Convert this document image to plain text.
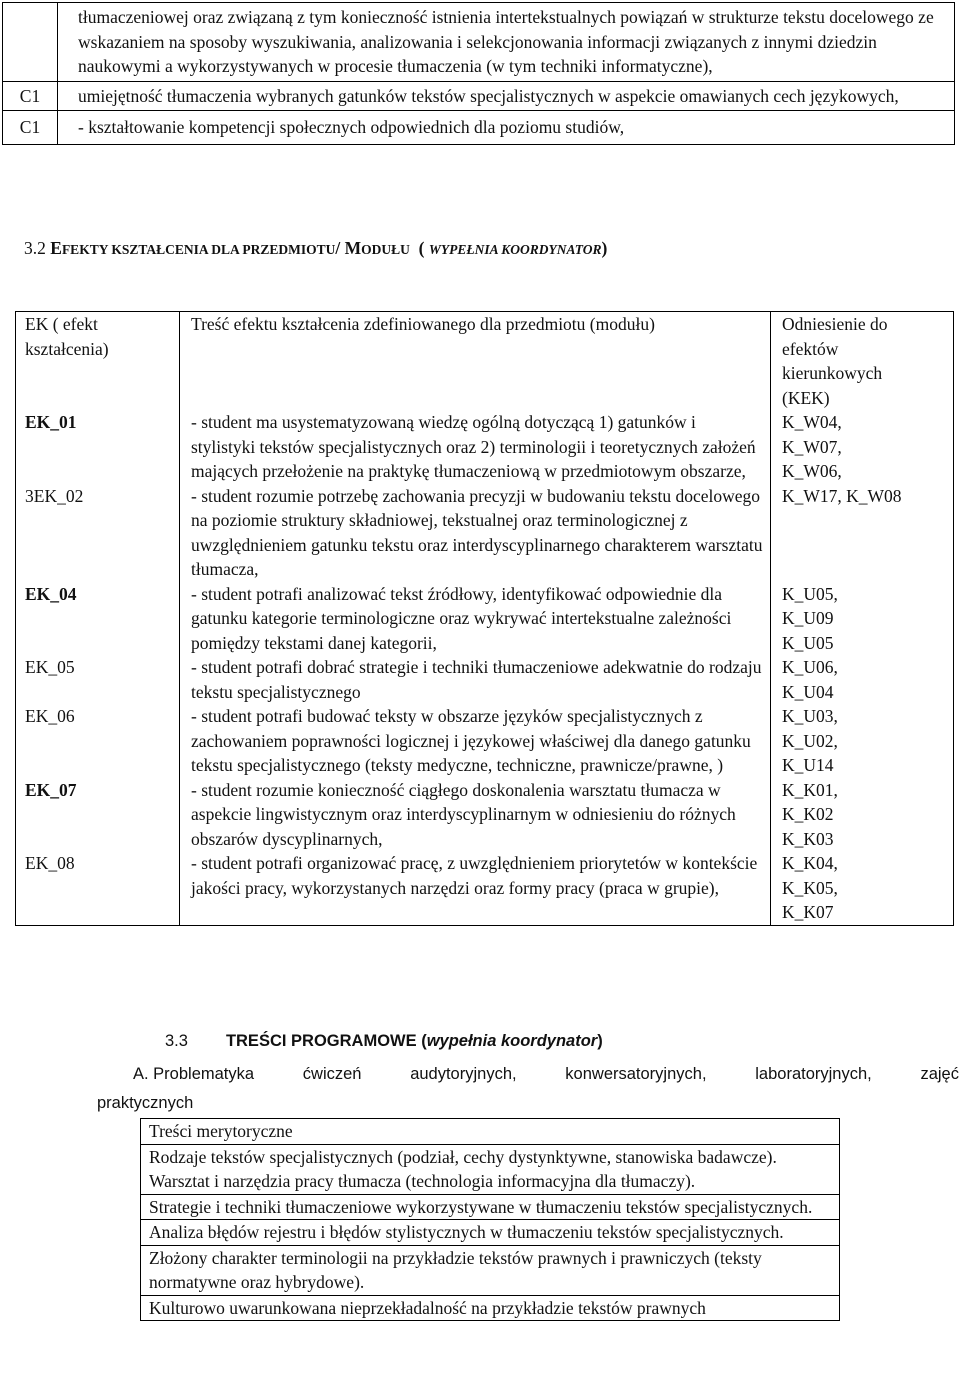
	tłumaczeniowej oraz związaną z tym konieczność istnienia intertekstualnych powiązań w strukturze tekstu docelowego ze wskazaniem na sposoby wyszukiwania, analizowania i selekcjonowania informacji związanych z innymi dziedzin naukowymi a wykorzystywanych w procesie tłumaczenia (w tym techniki informatyczne),
C1	umiejętność tłumaczenia wybranych gatunków tekstów specjalistycznych w aspekcie omawianych cech językowych,
C1	- kształtowanie kompetencji społecznych odpowiednich dla poziomu studiów,
3.2 EFEKTY KSZTAŁCENIA DLA PRZEDMIOTU/ MODUŁU ( WYPEŁNIA KOORDYNATOR)
EK ( efekt kształcenia)	Treść efektu kształcenia zdefiniowanego dla przedmiotu (modułu)	Odniesienie do efektów kierunkowych (KEK)

EK_01	- student ma usystematyzowaną wiedzę ogólną dotyczącą 1) gatunków i stylistyki tekstów specjalistycznych oraz 2) terminologii i teoretycznych założeń mających przełożenie na praktykę tłumaczeniową w przedmiotowym obszarze,	K_W04, K_W07, K_W06,

3EK_02	- student rozumie potrzebę zachowania precyzji w budowaniu tekstu docelowego na poziomie struktury składniowej, tekstualnej oraz terminologicznej z uwzględnieniem gatunku tekstu oraz interdyscyplinarnego charakterem warsztatu tłumacza,	K_W17, K_W08
EK_04	- student potrafi analizować tekst źródłowy, identyfikować odpowiednie dla gatunku kategorie terminologiczne oraz wykrywać intertekstualne zależności pomiędzy tekstami danej kategorii,	K_U05, K_U09 K_U05

EK_05	- student potrafi dobrać strategie i techniki tłumaczeniowe adekwatnie do rodzaju tekstu specjalistycznego	K_U06, K_U04

EK_06	- student potrafi budować teksty w obszarze języków specjalistycznych z zachowaniem poprawności logicznej i językowej właściwej dla danego gatunku tekstu specjalistycznego (teksty medyczne, techniczne, prawnicze/prawne, )	K_U03, K_U02, K_U14

EK_07	- student rozumie konieczność ciągłego doskonalenia warsztatu tłumacza w aspekcie lingwistycznym oraz interdyscyplinarnym w odniesieniu do różnych obszarów dyscyplinarnych,	K_K01, K_K02 K_K03

EK_08	- student potrafi organizować pracę, z uwzględnieniem priorytetów w kontekście jakości pracy, wykorzystanych narzędzi oraz formy pracy (praca w grupie),	K_K04, K_K05, K_K07
3.3 TREŚCI PROGRAMOWE (wypełnia koordynator)
A. Problematyka	ćwiczeń	audytoryjnych,	konwersatoryjnych,	laboratoryjnych,	zajęć
praktycznych
Treści merytoryczne
Rodzaje tekstów specjalistycznych (podział, cechy dystynktywne, stanowiska badawcze). Warsztat i narzędzia pracy tłumacza (technologia informacyjna dla tłumaczy).
Strategie i techniki tłumaczeniowe wykorzystywane w tłumaczeniu tekstów specjalistycznych.
Analiza błędów rejestru i błędów stylistycznych w tłumaczeniu tekstów specjalistycznych.
Złożony charakter terminologii na przykładzie tekstów prawnych i prawniczych (teksty normatywne oraz hybrydowe).
Kulturowo uwarunkowana nieprzekładalność na przykładzie tekstów prawnych
